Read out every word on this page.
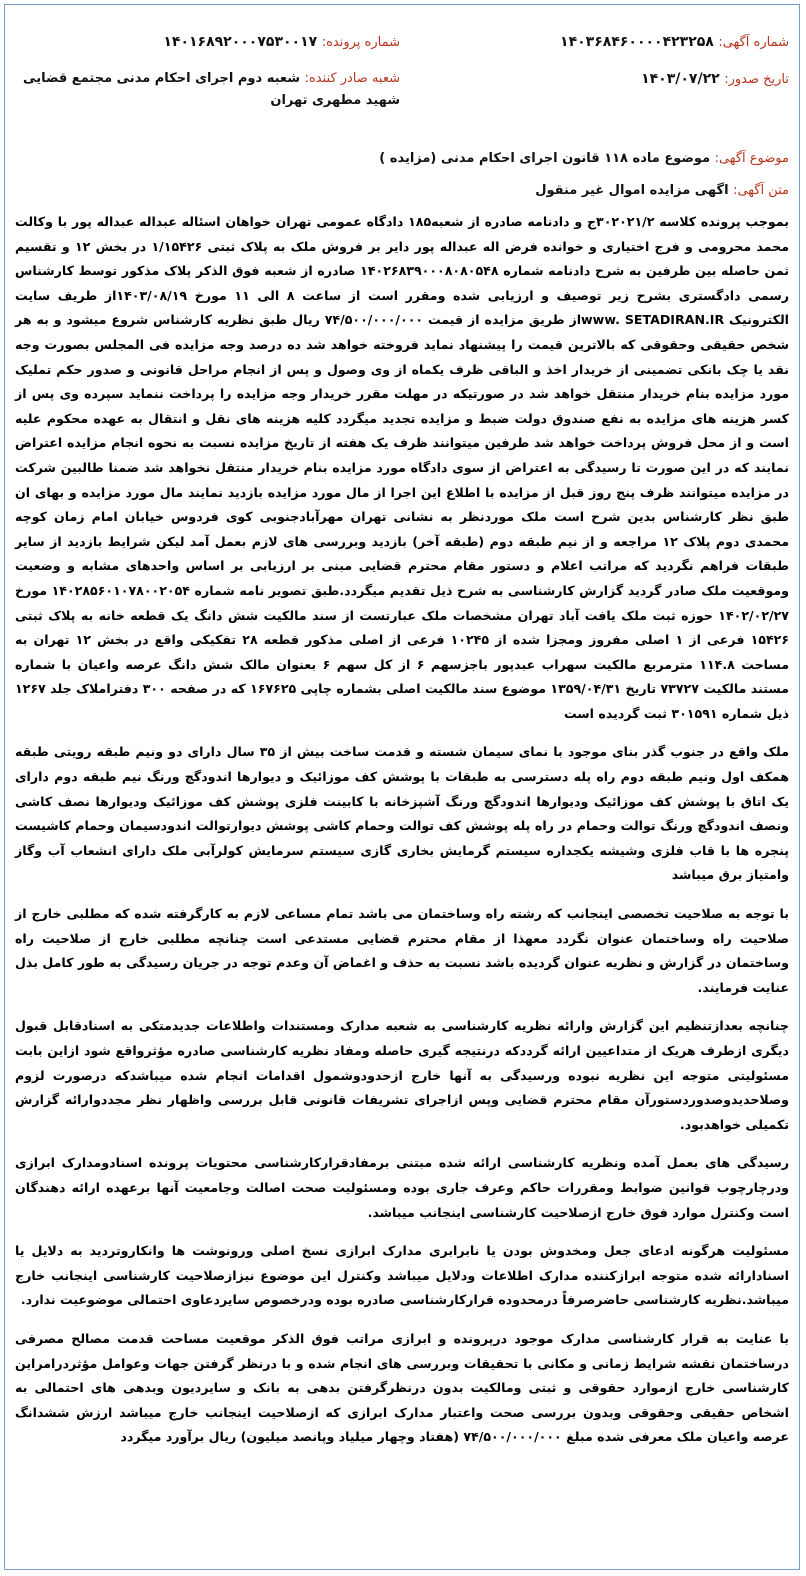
شماره آگهی: ۱۴۰۳۶۸۴۶۰۰۰۰۴۲۳۲۵۸
تاریخ صدور: ۱۴۰۳/۰۷/۲۲
شماره پرونده: ۱۴۰۱۶۸۹۲۰۰۰۷۵۳۰۰۱۷
شعبه صادر کننده: شعبه دوم اجرای احکام مدنی مجتمع قضایی شهید مطهری تهران
موضوع آگهی: موضوع ماده ۱۱۸ قانون اجرای احکام مدنی (مزایده )
متن آگهی: اگهی مزایده اموال غیر منقول

بموجب پرونده کلاسه ۳۰۲۰۲۱/۲ج و دادنامه صادره از شعبه۱۸۵ دادگاه عمومی تهران خواهان اسئاله عبداله عبداله پور با وکالت محمد محرومی و فرج اختیاری و خوانده فرض اله عبداله پور دایر بر فروش ملک به پلاک ثبتی ۱/۱۵۴۲۶ در بخش ۱۲ و تقسیم ثمن حاصله بین طرفین به شرح دادنامه شماره ۱۴۰۲۶۸۳۹۰۰۰۸۰۸۰۵۴۸ صادره از شعبه فوق الذکر پلاک مذکور توسط کارشناس رسمی دادگستری بشرح زیر توصیف و ارزیابی شده ومقرر است از ساعت ۸ الی ۱۱ مورخ ۱۴۰۳/۰۸/۱۹از طریف سایت الکترونیک www. SETADIRAN.IRاز طریق مزایده از قیمت ۷۴/۵۰۰/۰۰۰/۰۰۰ ریال طبق نظریه کارشناس شروع میشود و به هر شخص حقیقی وحقوقی که بالاترین قیمت را پیشنهاد نماید فروخته خواهد شد ده درصد وجه مزایده فی المجلس بصورت وجه نقد یا چک بانکی تضمینی از خریدار اخذ و الباقی ظرف یکماه از وی وصول و پس از انجام مراحل قانونی و صدور حکم تملیک مورد مزایده بنام خریدار منتقل خواهد شد در صورتیکه در مهلت مقرر خریدار وجه مزایده را پرداخت ننماید سپرده وی پس از کسر هزینه های مزایده به نفع صندوق دولت ضبط و مزایده تجدید میگردد کلیه هزینه های نقل و انتقال به عهده محکوم علیه است و از محل فروش پرداخت خواهد شد طرفین میتوانند ظرف یک هفته از تاریخ مزایده نسبت به نحوه انجام مزایده اعتراض نمایند که در این صورت تا رسیدگی به اعتراض از سوی دادگاه مورد مزایده بنام خریدار منتقل نخواهد شد ضمنا طالبین شرکت در مزایده میتوانند ظرف پنج روز قبل از مزایده با اطلاع این اجرا از مال مورد مزایده بازدید نمایند مال مورد مزایده و بهای ان طبق نظر کارشناس بدین شرح است ملک موردنظر به نشانی تهران مهرآبادجنوبی کوی فردوس خیابان امام زمان کوچه محمدی دوم پلاک ۱۲ مراجعه و از نیم طبقه دوم (طبقه آخر) بازدید وبررسی های لازم بعمل آمد لیکن شرایط بازدید از سایر طبقات فراهم نگردید که مراتب اعلام و دستور مقام محترم قضایی مبنی بر ارزیابی بر اساس واحدهای مشابه و وضعیت وموقعیت ملک صادر گردید گزارش کارشناسی به شرح ذیل تقدیم میگردد.طبق تصویر نامه شماره ۱۴۰۲۸۵۶۰۱۰۷۸۰۰۲۰۵۴ مورخ ۱۴۰۲/۰۲/۲۷ حوزه ثبت ملک یافت آباد تهران مشخصات ملک عبارتست از سند مالکیت شش دانگ یک قطعه خانه به پلاک ثبتی ۱۵۴۲۶ فرعی از ۱ اصلی مفروز ومجزا شده از ۱۰۲۴۵ فرعی از اصلی مذکور قطعه ۲۸ تفکیکی واقع در بخش ۱۲ تهران به مساحت ۱۱۴.۸ مترمربع مالکیت سهراب عبدپور باجزسهم ۶ از کل سهم ۶ بعنوان مالک شش دانگ عرصه واعیان با شماره مستند مالکیت ۷۳۷۲۷ تاریخ ۱۳۵۹/۰۴/۳۱ موضوع سند مالکیت اصلی بشماره چاپی ۱۶۷۶۲۵ که در صفحه ۳۰۰ دفتراملاک جلد ۱۲۶۷ ذیل شماره ۳۰۱۵۹۱ ثبت گردیده است

ملک واقع در جنوب گذر بنای موجود با نمای سیمان شسته و قدمت ساخت بیش از ۳۵ سال دارای دو ونیم طبقه رویتی طبقه همکف اول ونیم طبقه دوم راه پله دسترسی به طبقات با پوشش کف موزائیک و دیوارها اندودگچ ورنگ نیم طبقه دوم دارای یک اتاق با پوشش کف موزائیک ودیوارها اندودگچ ورنگ آشپزخانه با کابینت فلزی پوشش کف موزائیک ودیوارها نصف کاشی ونصف اندودگچ ورنگ توالت وحمام در راه پله پوشش کف توالت وحمام کاشی پوشش دیوارتوالت اندودسیمان وحمام کاشیست پنجره ها با قاب فلزی وشیشه یکجداره سیستم گرمایش بخاری گازی سیستم سرمایش کولرآبی ملک دارای انشعاب آب وگاز وامتیاز برق میباشد

با توجه به صلاحیت تخصصی اینجانب که رشته راه وساختمان می باشد تمام مساعی لازم به کارگرفته شده که مطلبی خارج از صلاحیت راه وساختمان عنوان نگردد معهذا از مقام محترم قضایی مستدعی است چنانچه مطلبی خارج از صلاحیت راه وساختمان در گزارش و نظریه عنوان گردیده باشد نسبت به حذف و اغماض آن وعدم توجه در جریان رسیدگی به طور کامل بذل عنایت فرمایند.

چنانچه بعدازتنظیم این گزارش وارائه نظریه کارشناسی به شعبه مدارک ومستندات واطلاعات جدیدمتکی به اسنادقابل قبول دیگری ازطرف هریک از متداعیین ارائه گرددکه درنتیجه گیری حاصله ومفاد نظریه کارشناسی صادره مؤثرواقع شود ازاین بابت مسئولیتی متوجه این نظریه نبوده ورسیدگی به آنها خارج ازحدودوشمول اقدامات انجام شده میباشدکه درصورت لزوم وصلاحدیدوصدوردستورآن مقام محترم قضایی وپس ازاجرای تشریفات قانونی قابل بررسی واظهار نظر مجددوارائه گزارش تکمیلی خواهدبود.

رسیدگی های بعمل آمده ونظریه کارشناسی ارائه شده مبتنی برمفادقرارکارشناسی محتویات پرونده اسنادومدارک ابرازی ودرچارچوب قوانین ضوابط ومقررات حاکم وعرف جاری بوده ومسئولیت صحت اصالت وجامعیت آنها برعهده ارائه دهندگان است وکنترل موارد فوق خارج ازصلاحیت کارشناسی اینجانب میباشد.

مسئولیت هرگونه ادعای جعل ومخدوش بودن یا نابرابری مدارک ابرازی نسخ اصلی ورونوشت ها وانکاروتردید به دلایل یا اسنادارائه شده متوجه ابرازکننده مدارک اطلاعات ودلایل میباشد وکنترل این موضوع نیزازصلاحیت کارشناسی اینجانب خارج میباشد.نظریه کارشناسی حاضرصرفاً درمحدوده قرارکارشناسی صادره بوده ودرخصوص سایردعاوی احتمالی موضوعیت ندارد.

با عنایت به قرار کارشناسی مدارک موجود درپرونده و ابرازی مراتب فوق الذکر موقعیت مساحت قدمت مصالح مصرفی درساختمان نقشه شرایط زمانی و مکانی با تحقیقات وبررسی های انجام شده و با درنظر گرفتن جهات وعوامل مؤثردرامراین کارشناسی خارج ازموارد حقوقی و ثبتی ومالکیت بدون درنظرگرفتن بدهی به بانک و سایردیون وبدهی های احتمالی به اشخاص حقیقی وحقوقی وبدون بررسی صحت واعتبار مدارک ابرازی که ازصلاحیت اینجانب خارج میباشد ارزش ششدانگ عرصه واعیان ملک معرفی شده مبلغ ۷۴/۵۰۰/۰۰۰/۰۰۰ (هفتاد وچهار میلیاد وپانصد میلیون) ریال برآورد میگردد
